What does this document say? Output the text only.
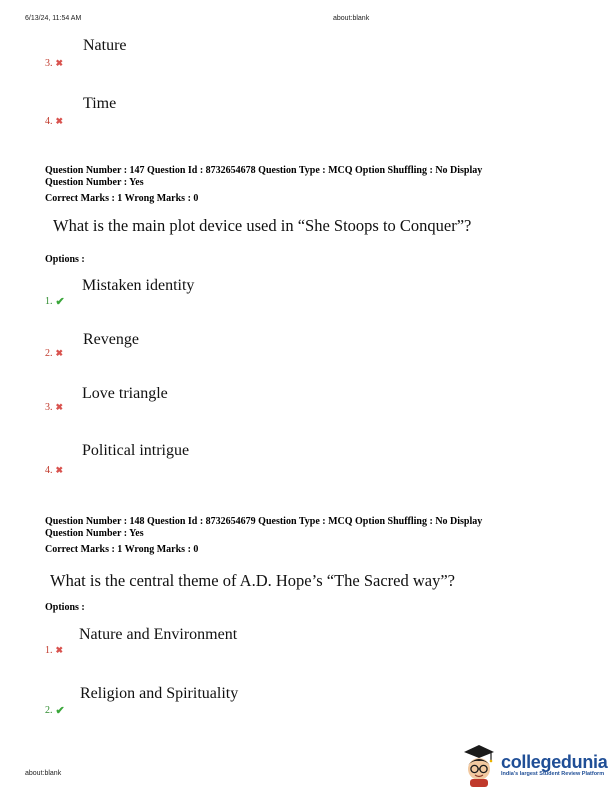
6/13/24, 11:54 AM	about:blank
Nature
3. ✖
Time
4. ✖
Question Number : 147 Question Id : 8732654678 Question Type : MCQ Option Shuffling : No Display
Question Number : Yes
Correct Marks : 1 Wrong Marks : 0
What is the main plot device used in “She Stoops to Conquer”?
Options :
Mistaken identity
1. ✔
Revenge
2. ✖
Love triangle
3. ✖
Political intrigue
4. ✖
Question Number : 148 Question Id : 8732654679 Question Type : MCQ Option Shuffling : No Display
Question Number : Yes
Correct Marks : 1 Wrong Marks : 0
What is the central theme of A.D. Hope’s “The Sacred way”?
Options :
Nature and Environment
1. ✖
Religion and Spirituality
2. ✔
about:blank
collegedunia
India's largest Student Review Platform
